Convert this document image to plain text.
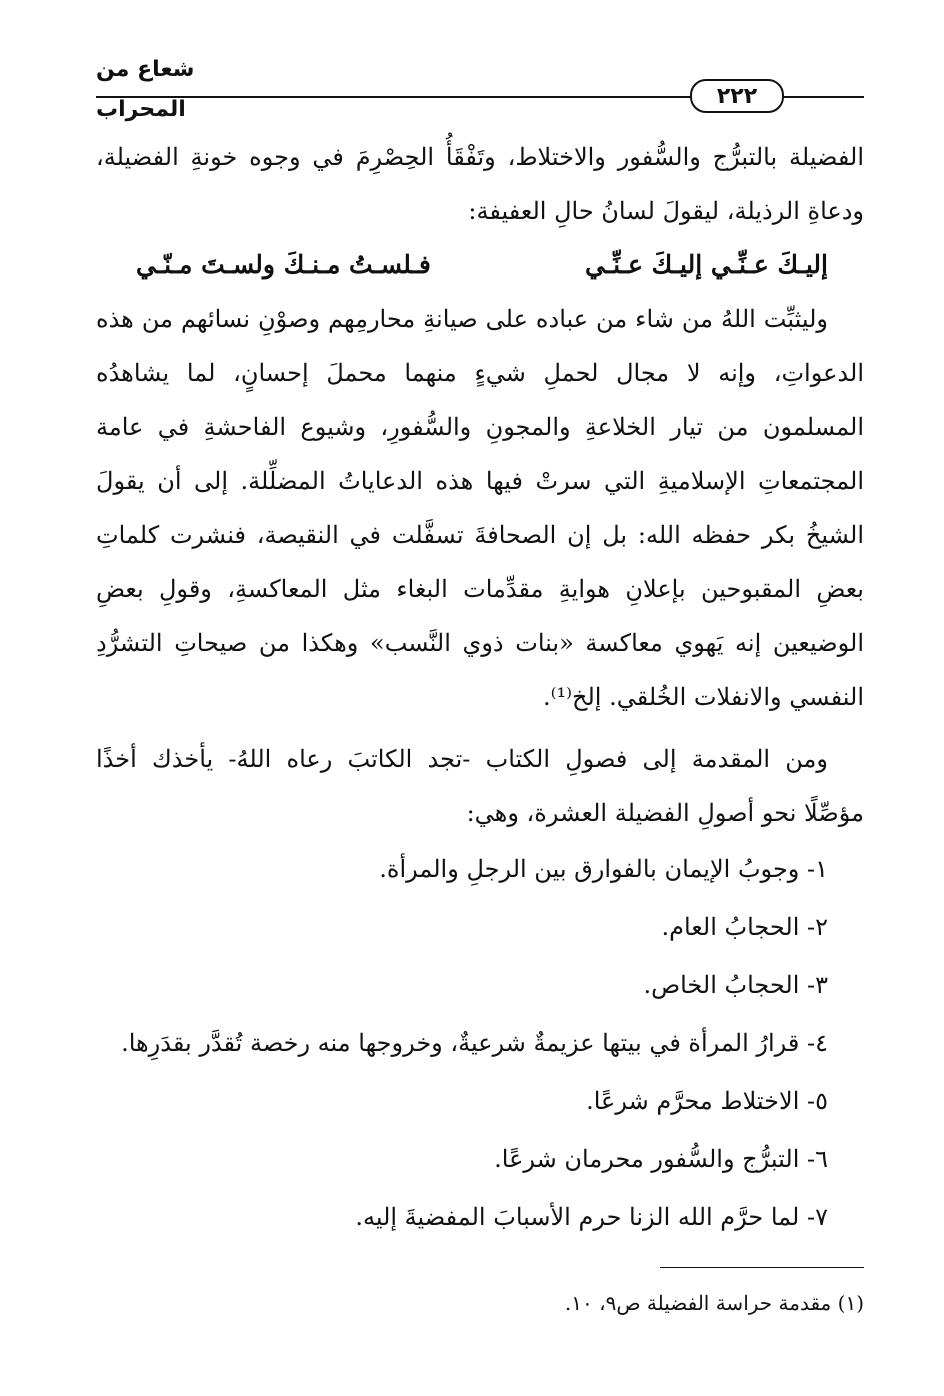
شعاع من المحراب
٢٢٢
الفضيلة بالتبرُّج والسُّفور والاختلاط، وتَفْقَأُ الحِصْرِمَ في وجوه خونةِ الفضيلة،
ودعاةِ الرذيلة، ليقولَ لسانُ حالِ العفيفة:
إليـكَ عـنِّـي إليـكَ عـنِّـي
فـلسـتُ مـنـكَ ولسـتَ مـنّـي
وليثبِّت اللهُ من شاء من عباده على صيانةِ محارمِهم وصوْنِ نسائهم من هذه
الدعواتِ، وإنه لا مجال لحملِ شيءٍ منهما محملَ إحسانٍ، لما يشاهدُه
المسلمون من تيار الخلاعةِ والمجونِ والسُّفورِ، وشيوع الفاحشةِ في عامة
المجتمعاتِ الإسلاميةِ التي سرتْ فيها هذه الدعاياتُ المضلِّلة. إلى أن يقولَ
الشيخُ بكر حفظه الله: بل إن الصحافةَ تسفَّلت في النقيصة، فنشرت كلماتِ
بعضِ المقبوحين بإعلانِ هوايةِ مقدِّمات البغاء مثل المعاكسةِ، وقولِ بعضِ
الوضيعين إنه يَهوي معاكسة «بنات ذوي النَّسب» وهكذا من صيحاتِ التشرُّدِ
النفسي والانفلات الخُلقي. إلخ⁽¹⁾.
ومن المقدمة إلى فصولِ الكتاب -تجد الكاتبَ رعاه اللهُ- يأخذك أخذًا
مؤصِّلًا نحو أصولِ الفضيلة العشرة، وهي:
١- وجوبُ الإيمان بالفوارق بين الرجلِ والمرأة.
٢- الحجابُ العام.
٣- الحجابُ الخاص.
٤- قرارُ المرأة في بيتها عزيمةٌ شرعيةٌ، وخروجها منه رخصة تُقدَّر بقدَرِها.
٥- الاختلاط محرَّم شرعًا.
٦- التبرُّج والسُّفور محرمان شرعًا.
٧- لما حرَّم الله الزنا حرم الأسبابَ المفضيةَ إليه.
(١) مقدمة حراسة الفضيلة ص٩، ١٠.
